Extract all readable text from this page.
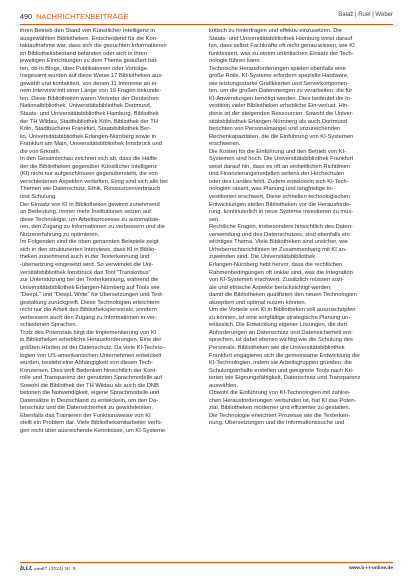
490 NACHRICHTENBEITRÄGE	Balaž | Ruel | Weber
ihren Betrieb den Stand von Künstlicher Intelligenz in
ausgewählten Bibliotheken. Entscheidend für die Kon-
taktaufnahme war, dass sich die gesuchten Informationen
im Bibliotheksbestand befanden oder sich in ihren
jeweiligen Einrichtungen zu dem Thema geäußert hat-
ten, ob in Blogs, über Publikationen oder Vorträge.
Insgesamt wurden auf diese Weise 17 Bibliotheken aus-
gewählt und kontaktiert, von denen 11 Interesse an ei-
nem Interview mit einer Länge von 19 Fragen bekunde-
ten. Diese Bibliotheken waren Vertreter der Deutschen
Nationalbibliothek, Universitätsbibliothek Dortmund,
Staats- und Universitätsbibliothek Hamburg, Bibliothek
der TH Wildau, Stadtbibliothek Köln, Bibliothek der TH
Köln, Stadtbücherei Frankfurt, Staatsbibliothek Ber-
lin, Universitätsbibliothek Erlangen-Nürnberg sowie in
Frankfurt am Main, Universitätsbibliothek Innsbruck und
die von Erkrath.
In den Gesamtschau zeichnet sich ab, dass die Hälfte
der die Bibliotheken gegenüber Künstlicher Intelligenz
(KI) nicht nur aufgeschlossen gegenübersteht, die von
verschiedenen Aspekten vertieften. Einig sind sich alle bei
Themen wie Datenschutz, Ethik, Ressourcenverbrauch
und Schulung.
Der Einsatz von KI in Bibliotheken gewinnt zunehmend
an Bedeutung. Immer mehr Institutionen setzen auf
diese Technologie, um Arbeitsprozesse zu automatisie-
ren, den Zugang zu Informationen zu verbessern und die
Nutzererfahrung zu optimieren.
Im Folgenden sind die oben genannten Beispiele zeigt
sich in den strukturierten Interviews, dass KI in Biblio-
theken zunehmend auch in der Texterkennung und
-übersetzung eingesetzt wird. So verwendet die Uni-
versitätsbibliothek Innsbruck das Tool "Transkribus"
zur Unterstützung bei der Texterkennung, während die
Universitätsbibliothek Erlangen-Nürnberg auf Tools wie
"DeepL" und "DeepL Write" für Übersetzungen und Text-
gestaltung zurückgreift. Diese Technologien erleichtern
nicht nur die Arbeit des Bibliothekspersonals, sondern
verbessern auch den Zugang zu Informationen in ver-
schiedenen Sprachen.
Trotz des Potenzials birgt die Implementierung von KI
in Bibliotheken erhebliche Herausforderungen. Eine der
größten Hürden ist der Datenschutz. Da viele KI-Techno-
logien von US-amerikanischen Unternehmen entwickelt
wurden, besteht eine Abhängigkeit von diesen Tech-
Konzernen. Dies wirft Bedenken hinsichtlich der Kont-
rolle und Transparenz der genutzten Sprachmodelle auf.
Sowohl die Bibliothek der TH Wildau als auch die DNB
betonen die Notwendigkeit, eigene Sprachmodelle und
Datensätze in Deutschland zu entwickeln, um den Da-
tenschutz und die Datensicherheit zu gewährleisten.
Ebenfalls das Trainieren der Funktionsweise von KI
stellt ein Problem dar. Viele Bibliotheksmitarbeiter verfü-
gen nicht über ausreichende Kenntnisse, um KI-Systeme
kritisch zu hinterfragen und effektiv einzusetzen. Die
Staats- und Universitätsbibliothek Hamburg weist darauf
hin, dass selbst Fachkräfte oft nicht genau wissen, wie KI
funktioniert, was zu einem unkritischen Einsatz der Tech-
nologie führen kann.
Technische Herausforderungen spielen ebenfalls eine
große Rolle. KI-Systeme erfordern spezielle Hardware,
wie leistungsstarke Grafikkarten und Serverkomponen-
ten, um die großen Datenmengen zu verarbeiten, die für
KI-Anwendungen benötigt werden. Dies bedeutet die In-
vestition vieler Bibliotheken erhebliche Ein-verlust. Hin-
donis ist der steigenden Ressourcen: Sowohl die Univer-
sitätsbibliothek Erlangen-Nürnberg als auch Dortmund
berichten von Personalmangel und unzureichenden
Rechenkapazitäten, die die Einführung von KI-Systemen
erschweren.
Die Kosten für die Einführung und den Betrieb von KI-
Systemen sind hoch. Die Universitätsbibliothek Frankfurt
weist darauf hin, dass es oft an einheitlichen Richtlinien
und Finanzierungsmodellen seitens der Hochschulen
oder des Landes fehlt. Zudem entwickeln sich KI-Tech-
nologien rasant, was Planung und langfristige In-
vestitionen erschwert. Diese schnellen technologischen
Entwicklungen stellen Bibliotheken vor die Herausforde-
rung, kontinuierlich in neue Systeme investieren zu müs-
sen.
Rechtliche Fragen, insbesondere hinsichtlich des Daten-
verwendung und des Datenschutzes, sind ebenfalls ein
wichtiges Thema. Viele Bibliotheken sind unsicher, wie
Urheberrechtsrichtlinien im Zusammenhang mit KI an-
zuwenden sind. Die Universitätsbibliothek
Erlangen-Nürnberg hebt hervor, dass die rechtlichen
Rahmenbedingungen oft unklar sind, was die Integration
von KI-Systemen erschwert. Zusätzlich müssen sozi-
ale und ethische Aspekte berücksichtigt werden,
damit die Bibliotheken qualifiziert den neuen Technologien
akzeptiert und optimal nutzen können.
Um die Vorteile von KI in Bibliotheken voll auszuschöpfen
zu können, ist eine sorgfältige strategische Planung un-
erlässlich. Die Entwicklung eigener Lösungen, die den
Anforderungen an Datenschutz und Datensicherheit ent-
sprechen, ist dabei ebenso wichtig wie die Schulung des
Personals. Bibliotheken wie die Universitätsbibliothek
Frankfurt engagieren sich die gemeinsame Entwicklung der
KI-Technologien, indem sie Arbeitsgruppen gründen, die
Schulungsinhalte erstellen und geeignete Tools nach Kri-
terien wie Eignungsfähigkeit, Datenschutz und Transparenz
auswählen.
Obwohl die Einführung von KI-Technologien mit zahlrei-
chen Herausforderungen verbunden ist, hat KI das Poten-
zial, Bibliotheken moderner und effizienter zu gestalten.
Die Technologie erleichtert Prozesse wie die Texterken-
nung, Übersetzungen und die Informationssuche und
b.i.t.online 27 (2024) Nr. 5	www.b-i-t-online.de
